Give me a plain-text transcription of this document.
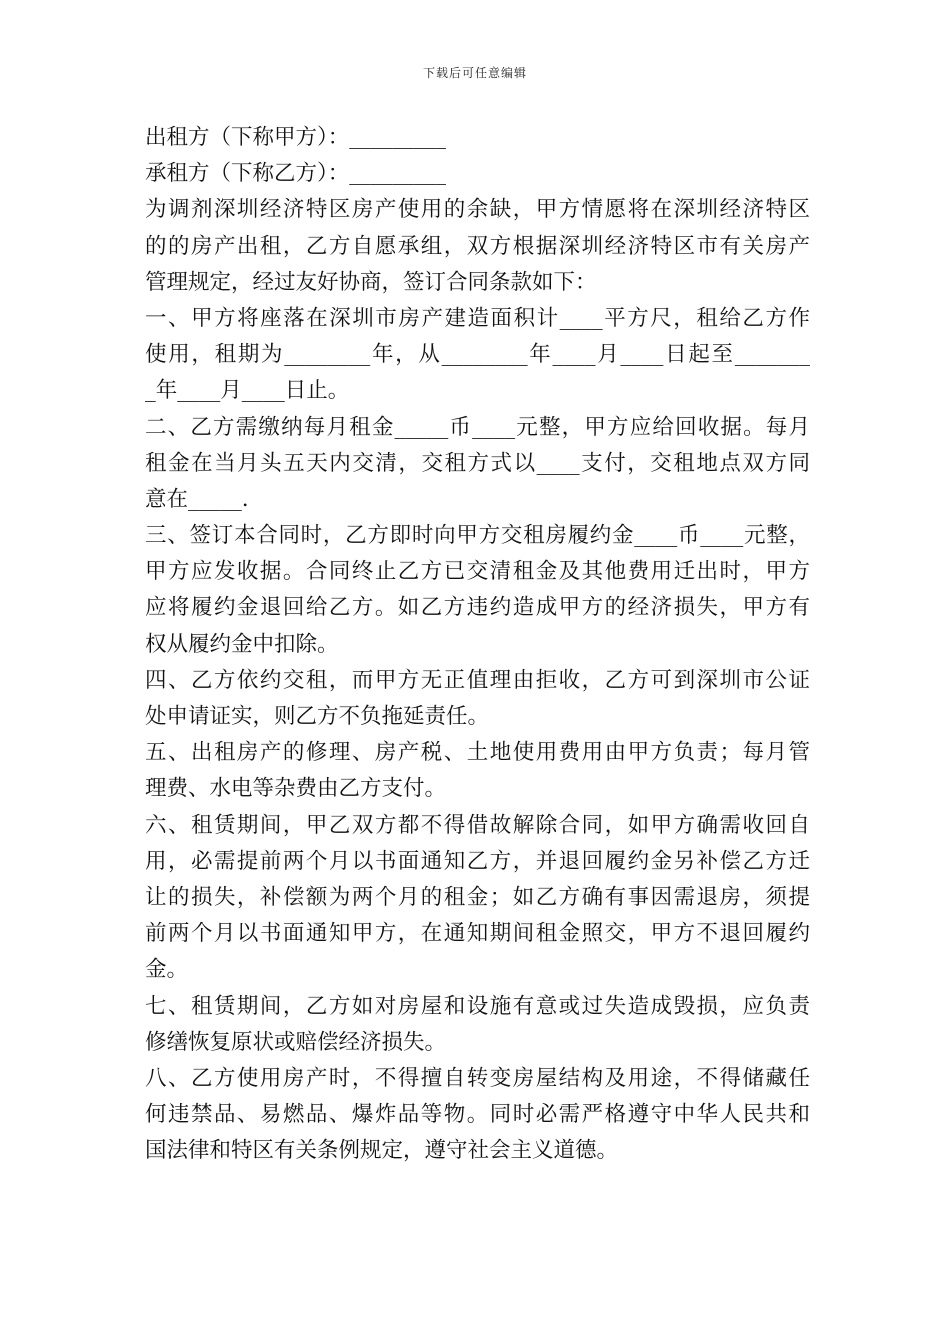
下载后可任意编辑
出租方（下称甲方）：_________
承租方（下称乙方）：_________
为调剂深圳经济特区房产使用的余缺，甲方情愿将在深圳经济特区
的的房产出租，乙方自愿承组，双方根据深圳经济特区市有关房产
管理规定，经过友好协商，签订合同条款如下：
一、甲方将座落在深圳市房产建造面积计____平方尺，租给乙方作
使用，租期为________年，从________年____月____日起至_______
_年____月____日止。
二、乙方需缴纳每月租金_____币____元整，甲方应给回收据。每月
租金在当月头五天内交清，交租方式以____支付，交租地点双方同
意在_____.
三、签订本合同时，乙方即时向甲方交租房履约金____币____元整，
甲方应发收据。合同终止乙方已交清租金及其他费用迁出时，甲方
应将履约金退回给乙方。如乙方违约造成甲方的经济损失，甲方有
权从履约金中扣除。
四、乙方依约交租，而甲方无正值理由拒收，乙方可到深圳市公证
处申请证实，则乙方不负拖延责任。
五、出租房产的修理、房产税、土地使用费用由甲方负责；每月管
理费、水电等杂费由乙方支付。
六、租赁期间，甲乙双方都不得借故解除合同，如甲方确需收回自
用，必需提前两个月以书面通知乙方，并退回履约金另补偿乙方迁
让的损失，补偿额为两个月的租金；如乙方确有事因需退房，须提
前两个月以书面通知甲方，在通知期间租金照交，甲方不退回履约
金。
七、租赁期间，乙方如对房屋和设施有意或过失造成毁损，应负责
修缮恢复原状或赔偿经济损失。
八、乙方使用房产时，不得擅自转变房屋结构及用途，不得储藏任
何违禁品、易燃品、爆炸品等物。同时必需严格遵守中华人民共和
国法律和特区有关条例规定，遵守社会主义道德。
